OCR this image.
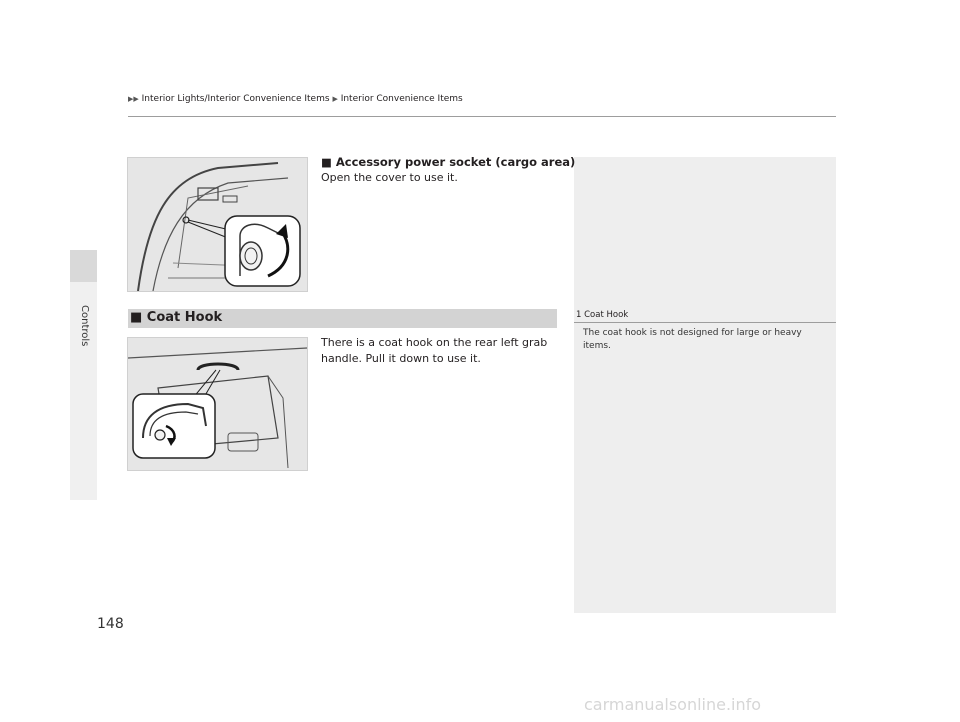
Controls
▶▶ Interior Lights/Interior Convenience Items ▶ Interior Convenience Items
■ Accessory power socket (cargo area)
Open the cover to use it.
■ Coat Hook	1 Coat Hook
The coat hook is not designed for large or heavy items.
There is a coat hook on the rear left grab
handle. Pull it down to use it.
148
carmanualsonline.info
